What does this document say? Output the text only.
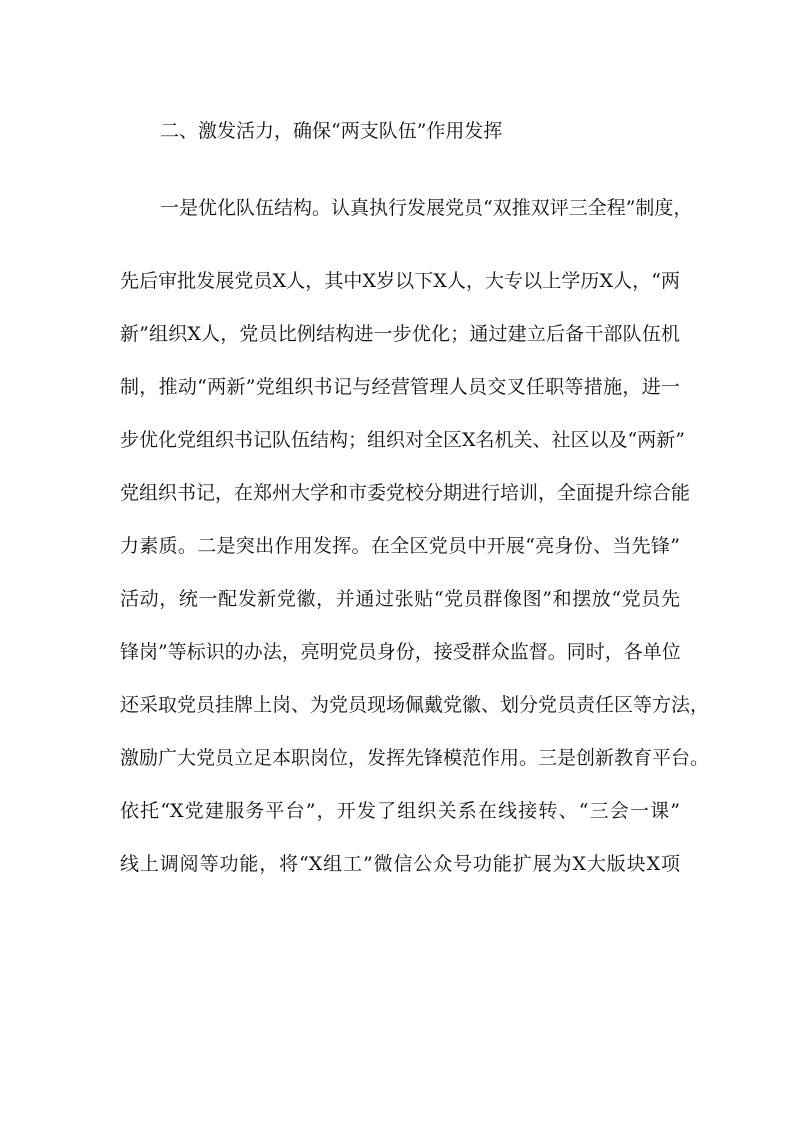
二、激发活力，确保“两支队伍”作用发挥
一是优化队伍结构。认真执行发展党员“双推双评三全程”制度，
先后审批发展党员X人，其中X岁以下X人，大专以上学历X人，“两
新”组织X人，党员比例结构进一步优化；通过建立后备干部队伍机
制，推动“两新”党组织书记与经营管理人员交叉任职等措施，进一
步优化党组织书记队伍结构；组织对全区X名机关、社区以及“两新”
党组织书记，在郑州大学和市委党校分期进行培训，全面提升综合能
力素质。二是突出作用发挥。在全区党员中开展“亮身份、当先锋”
活动，统一配发新党徽，并通过张贴“党员群像图”和摆放“党员先
锋岗”等标识的办法，亮明党员身份，接受群众监督。同时，各单位
还采取党员挂牌上岗、为党员现场佩戴党徽、划分党员责任区等方法，
激励广大党员立足本职岗位，发挥先锋模范作用。三是创新教育平台。
依托“X党建服务平台”，开发了组织关系在线接转、“三会一课”
线上调阅等功能，将“X组工”微信公众号功能扩展为X大版块X项
